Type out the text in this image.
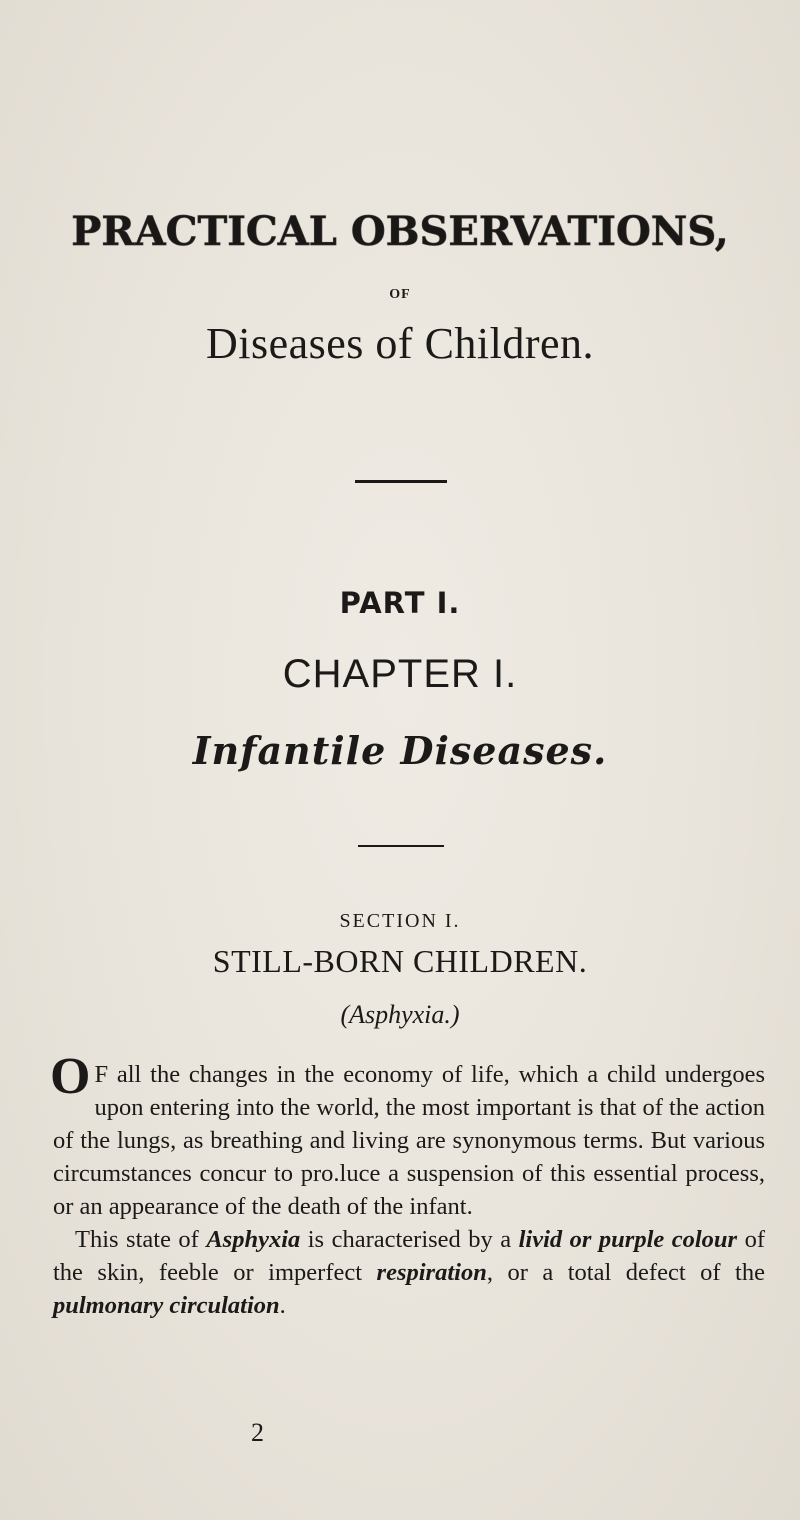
PRACTICAL OBSERVATIONS,
OF
Diseases of Children.
PART I.
CHAPTER I.
Infantile Diseases.
SECTION I.
STILL-BORN CHILDREN.
(Asphyxia.)

O F all the changes in the economy of life, which a child undergoes upon entering into the world, the most important is that of the action of the lungs, as breathing and living are synonymous terms. But various circumstances concur to pro.luce a suspension of this essential process, or an appearance of the death of the infant.

This state of Asphyxia is characterised by a livid or purple colour of the skin, feeble or imperfect respiration, or a total defect of the pulmonary circulation.

2
